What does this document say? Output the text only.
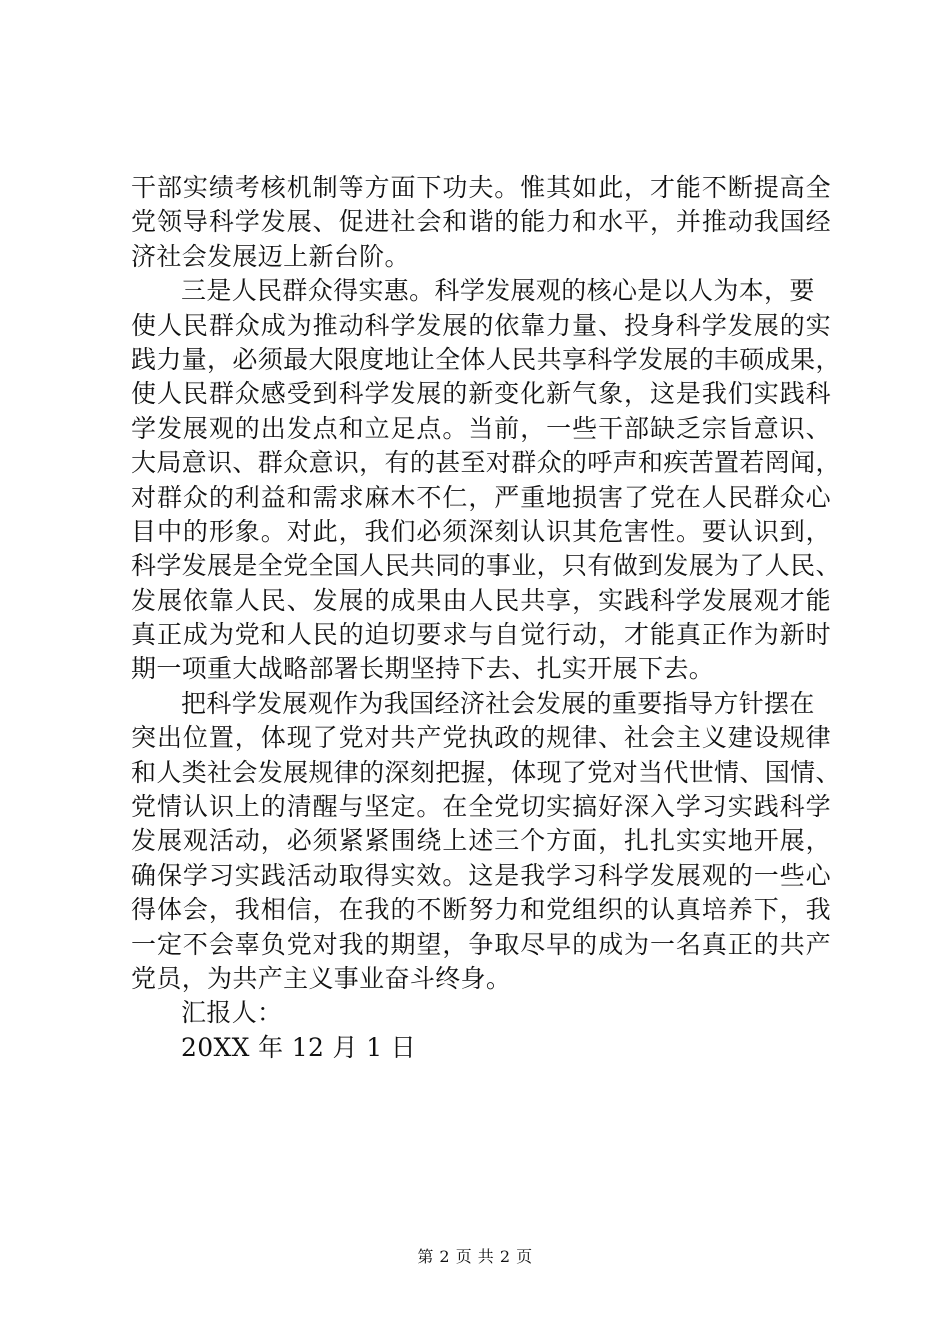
干部实绩考核机制等方面下功夫。惟其如此，才能不断提高全
党领导科学发展、促进社会和谐的能力和水平，并推动我国经
济社会发展迈上新台阶。
三是人民群众得实惠。科学发展观的核心是以人为本，要
使人民群众成为推动科学发展的依靠力量、投身科学发展的实
践力量，必须最大限度地让全体人民共享科学发展的丰硕成果，
使人民群众感受到科学发展的新变化新气象，这是我们实践科
学发展观的出发点和立足点。当前，一些干部缺乏宗旨意识、
大局意识、群众意识，有的甚至对群众的呼声和疾苦置若罔闻，
对群众的利益和需求麻木不仁，严重地损害了党在人民群众心
目中的形象。对此，我们必须深刻认识其危害性。要认识到，
科学发展是全党全国人民共同的事业，只有做到发展为了人民、
发展依靠人民、发展的成果由人民共享，实践科学发展观才能
真正成为党和人民的迫切要求与自觉行动，才能真正作为新时
期一项重大战略部署长期坚持下去、扎实开展下去。
把科学发展观作为我国经济社会发展的重要指导方针摆在
突出位置，体现了党对共产党执政的规律、社会主义建设规律
和人类社会发展规律的深刻把握，体现了党对当代世情、国情、
党情认识上的清醒与坚定。在全党切实搞好深入学习实践科学
发展观活动，必须紧紧围绕上述三个方面，扎扎实实地开展，
确保学习实践活动取得实效。这是我学习科学发展观的一些心
得体会，我相信，在我的不断努力和党组织的认真培养下，我
一定不会辜负党对我的期望，争取尽早的成为一名真正的共产
党员，为共产主义事业奋斗终身。
汇报人：
20XX 年 12 月 1 日
第 2 页 共 2 页
